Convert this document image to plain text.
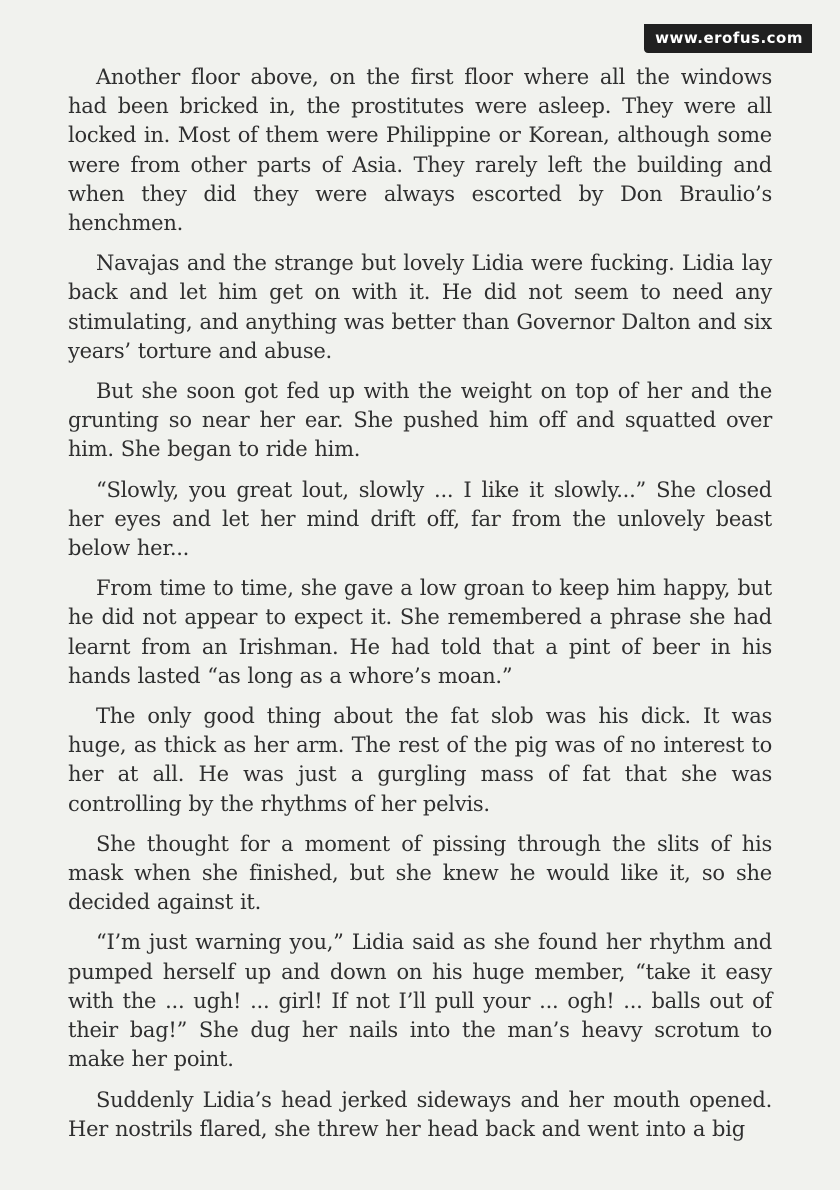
www.erofus.com

Another floor above, on the first floor where all the windows had been bricked in, the prostitutes were asleep. They were all locked in. Most of them were Philippine or Korean, although some were from other parts of Asia. They rarely left the building and when they did they were always escorted by Don Braulio’s henchmen.

Navajas and the strange but lovely Lidia were fucking. Lidia lay back and let him get on with it. He did not seem to need any stimulating, and anything was better than Governor Dalton and six years’ torture and abuse.

But she soon got fed up with the weight on top of her and the grunting so near her ear. She pushed him off and squatted over him. She began to ride him.

“Slowly, you great lout, slowly ... I like it slowly...” She closed her eyes and let her mind drift off, far from the unlovely beast below her...

From time to time, she gave a low groan to keep him happy, but he did not appear to expect it. She remembered a phrase she had learnt from an Irishman. He had told that a pint of beer in his hands lasted “as long as a whore’s moan.”

The only good thing about the fat slob was his dick. It was huge, as thick as her arm. The rest of the pig was of no interest to her at all. He was just a gurgling mass of fat that she was controlling by the rhythms of her pelvis.

She thought for a moment of pissing through the slits of his mask when she finished, but she knew he would like it, so she decided against it.

“I’m just warning you,” Lidia said as she found her rhythm and pumped herself up and down on his huge member, “take it easy with the ... ugh! ... girl! If not I’ll pull your ... ogh! ... balls out of their bag!” She dug her nails into the man’s heavy scrotum to make her point.

Suddenly Lidia’s head jerked sideways and her mouth opened. Her nostrils flared, she threw her head back and went into a big
